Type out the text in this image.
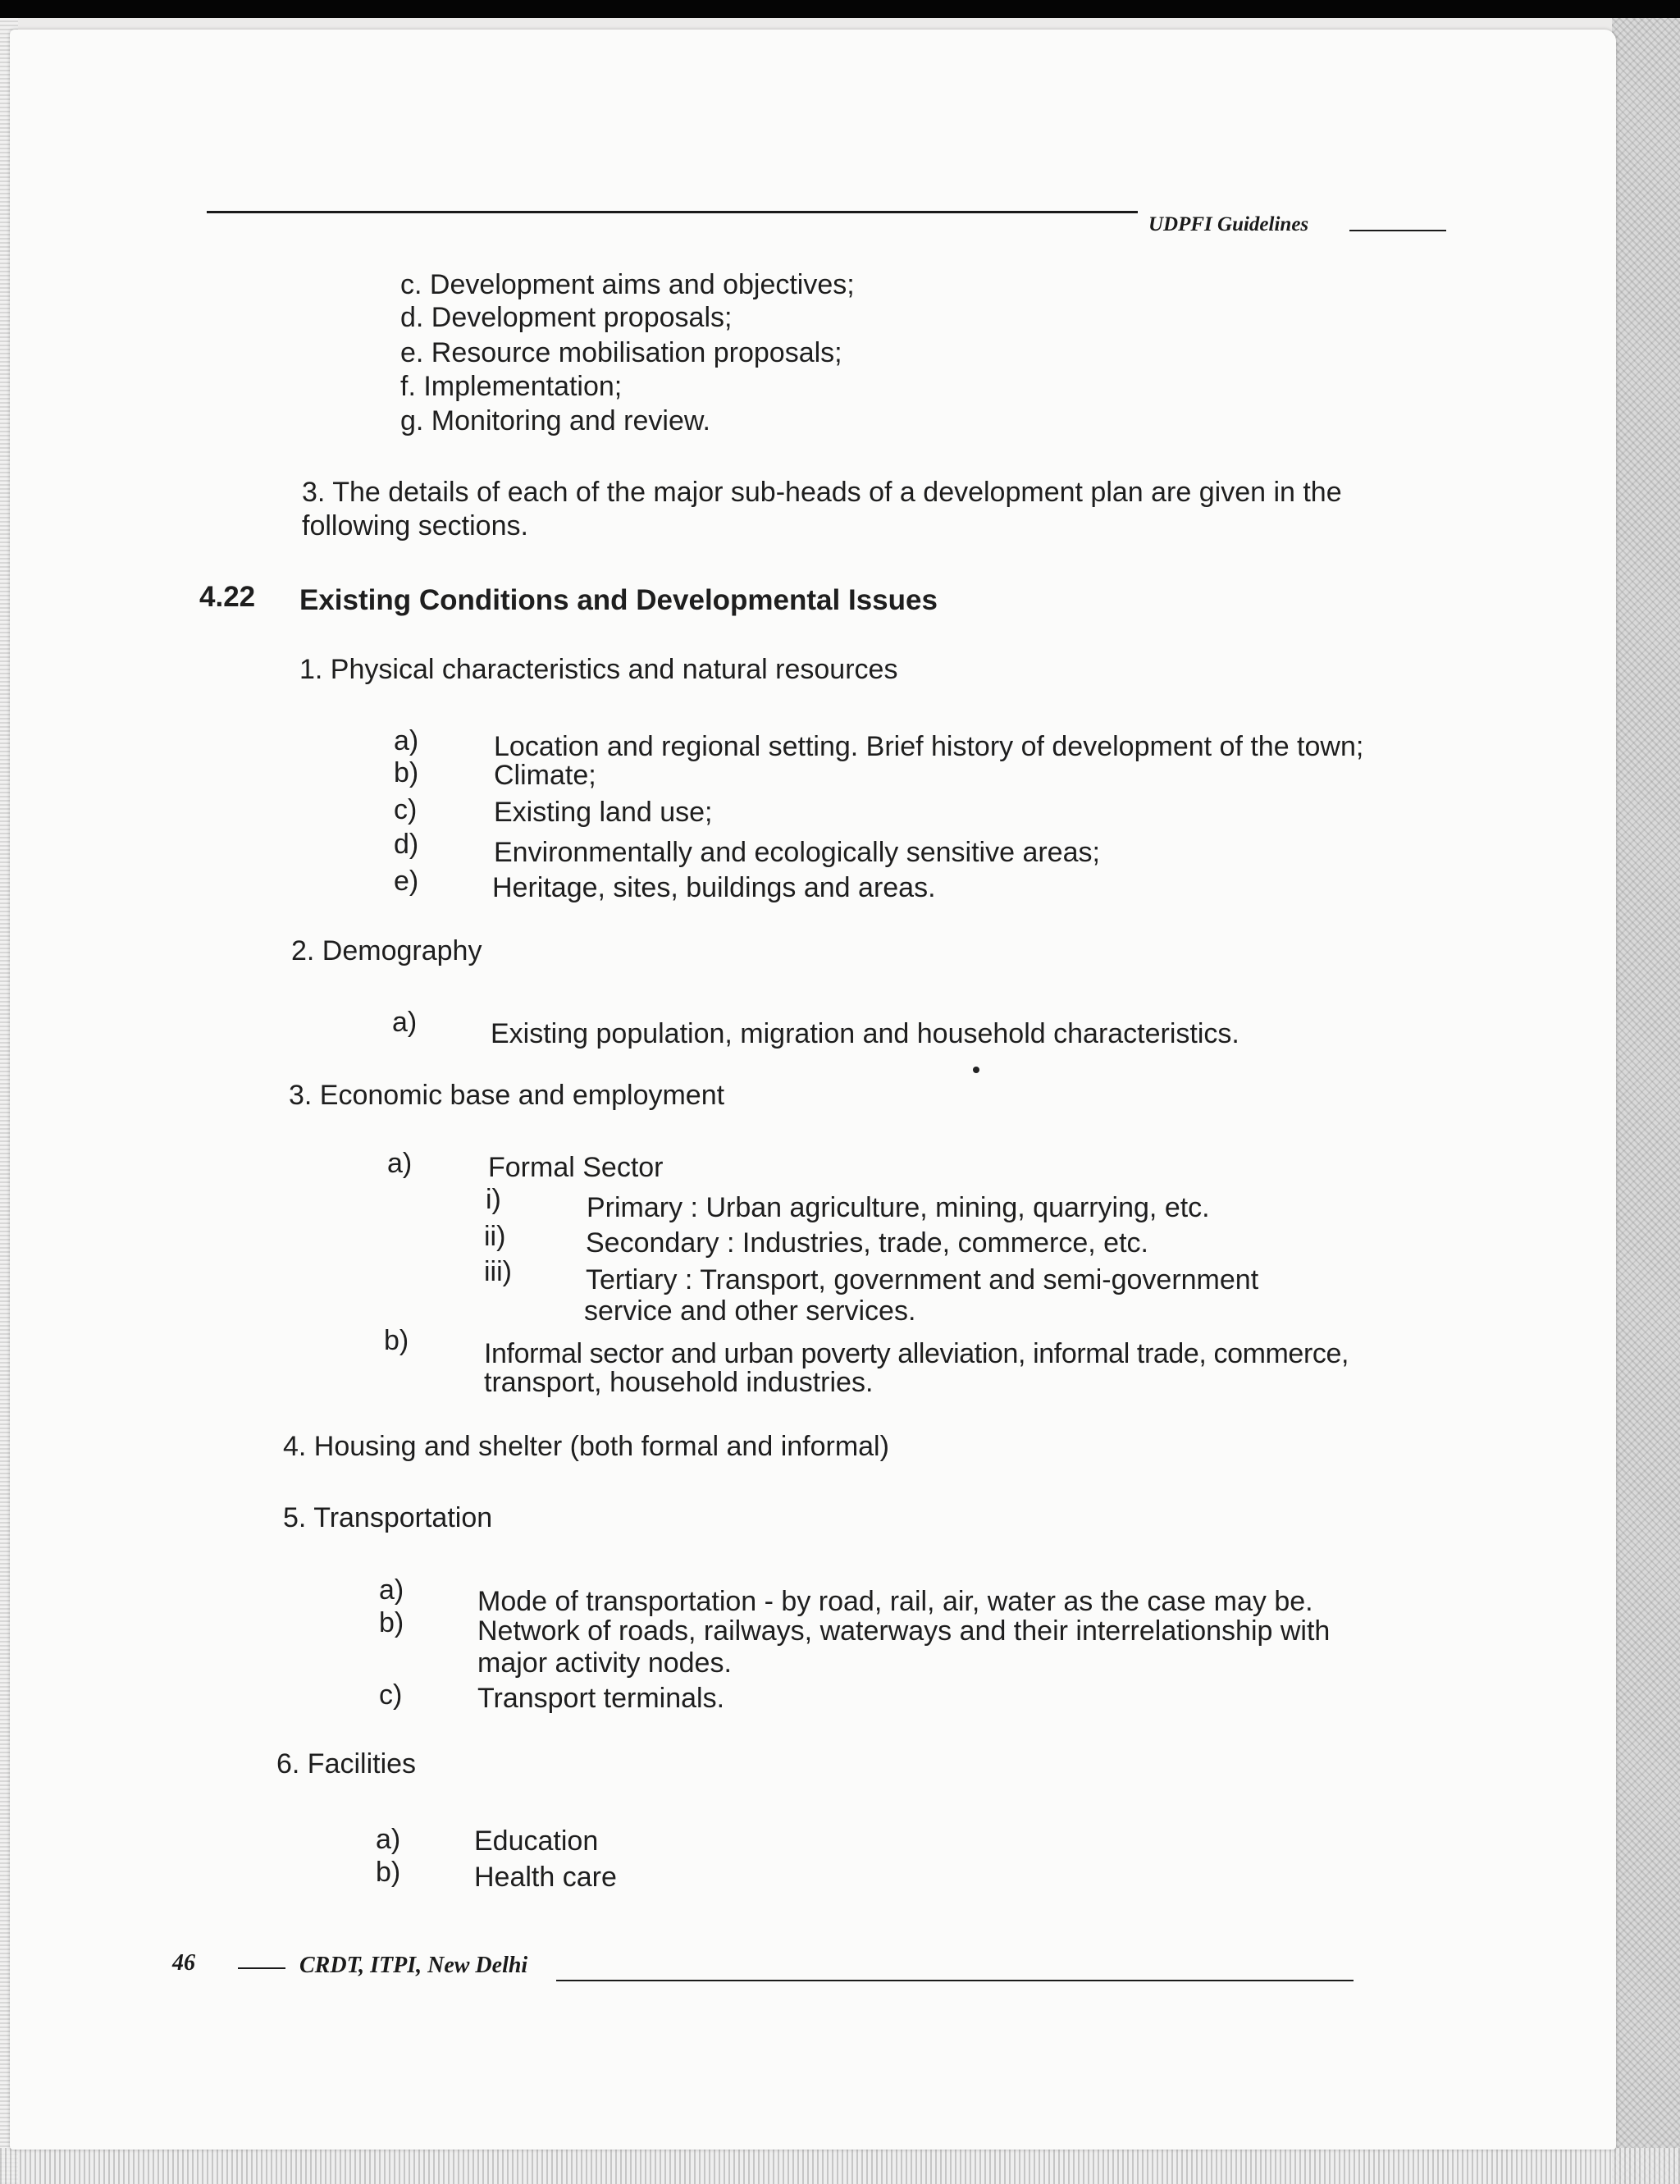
UDPFI Guidelines
c. Development aims and objectives;
d. Development proposals;
e. Resource mobilisation proposals;
f. Implementation;
g. Monitoring and review.
3. The details of each of the major sub-heads of a development plan are given in the
following sections.
4.22 Existing Conditions and Developmental Issues
1. Physical characteristics and natural resources
a)	Location and regional setting. Brief history of development of the town;
b)	Climate;
c)	Existing land use;
d)	Environmentally and ecologically sensitive areas;
e)	Heritage, sites, buildings and areas.
2. Demography
a)	Existing population, migration and household characteristics.
3. Economic base and employment
a)	Formal Sector
i)	Primary : Urban agriculture, mining, quarrying, etc.
ii)	Secondary : Industries, trade, commerce, etc.
iii)	Tertiary : Transport, government and semi-government
service and other services.
b)	Informal sector and urban poverty alleviation, informal trade, commerce,
transport, household industries.
4. Housing and shelter (both formal and informal)
5. Transportation
a)	Mode of transportation - by road, rail, air, water as the case may be.
b)	Network of roads, railways, waterways and their interrelationship with
major activity nodes.
c)	Transport terminals.
6. Facilities
a)	Education
b)	Health care
46	CRDT, ITPI, New Delhi
